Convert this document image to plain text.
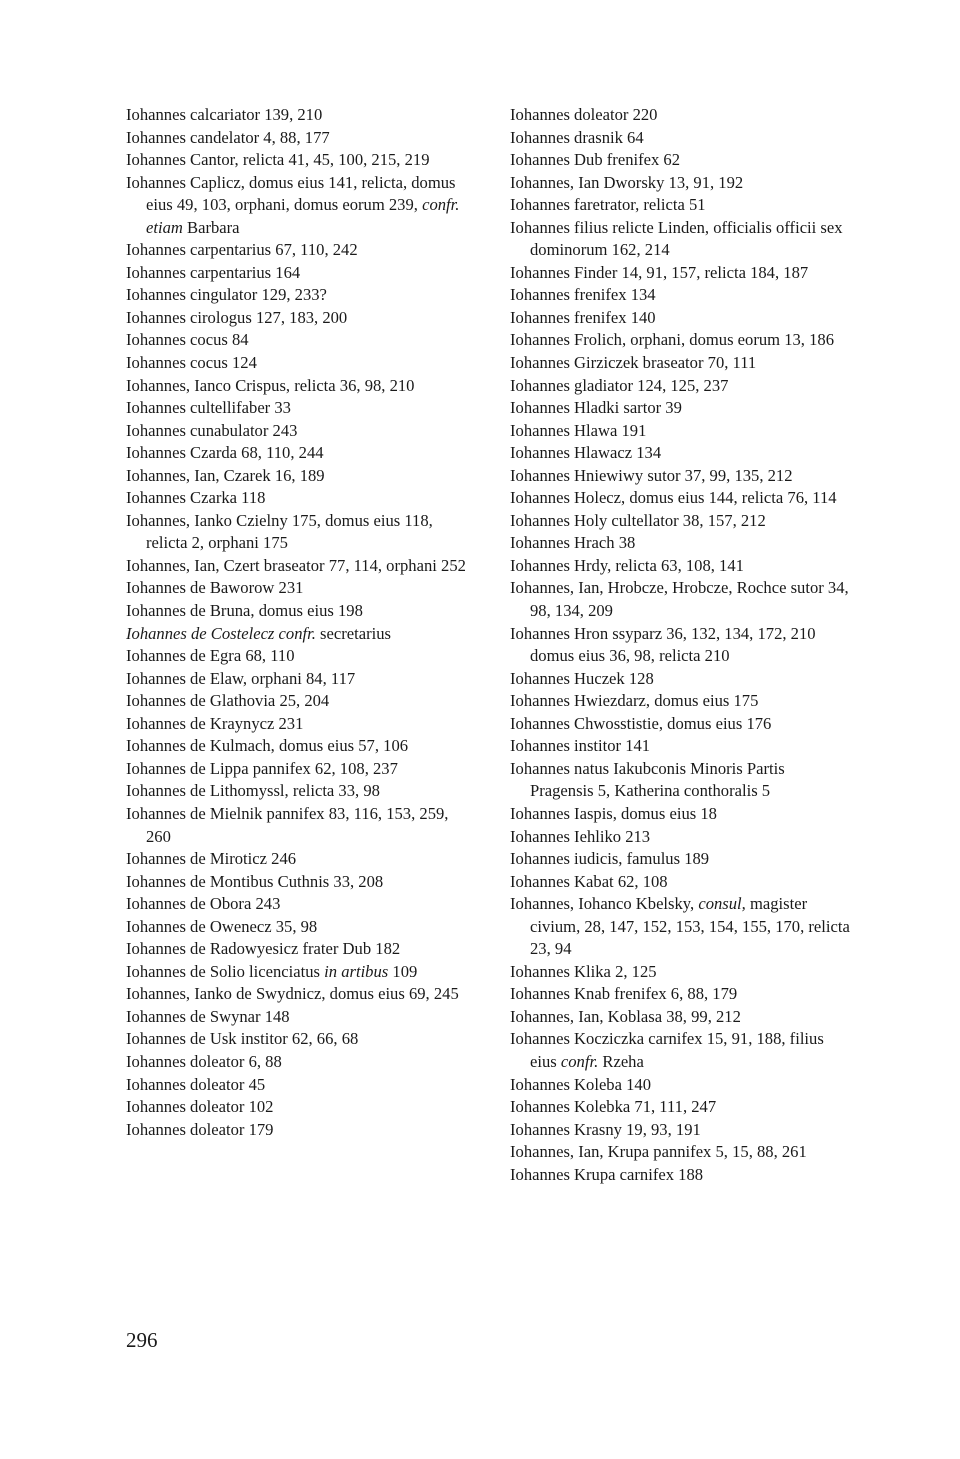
Iohannes calcariator 139, 210
Iohannes candelator 4, 88, 177
Iohannes Cantor, relicta 41, 45, 100, 215, 219
Iohannes Caplicz, domus eius 141, relicta, domus eius 49, 103, orphani, domus eorum 239, confr. etiam Barbara
Iohannes carpentarius 67, 110, 242
Iohannes carpentarius 164
Iohannes cingulator 129, 233?
Iohannes cirologus 127, 183, 200
Iohannes cocus 84
Iohannes cocus 124
Iohannes, Ianco Crispus, relicta 36, 98, 210
Iohannes cultellifaber 33
Iohannes cunabulator 243
Iohannes Czarda 68, 110, 244
Iohannes, Ian, Czarek 16, 189
Iohannes Czarka 118
Iohannes, Ianko Czielny 175, domus eius 118, relicta 2, orphani 175
Iohannes, Ian, Czert braseator 77, 114, orphani 252
Iohannes de Baworow 231
Iohannes de Bruna, domus eius 198
Iohannes de Costelecz confr. secretarius
Iohannes de Egra 68, 110
Iohannes de Elaw, orphani 84, 117
Iohannes de Glathovia 25, 204
Iohannes de Kraynycz 231
Iohannes de Kulmach, domus eius 57, 106
Iohannes de Lippa pannifex 62, 108, 237
Iohannes de Lithomyssl, relicta 33, 98
Iohannes de Mielnik pannifex 83, 116, 153, 259, 260
Iohannes de Miroticz 246
Iohannes de Montibus Cuthnis 33, 208
Iohannes de Obora 243
Iohannes de Owenecz 35, 98
Iohannes de Radowyesicz frater Dub 182
Iohannes de Solio licenciatus in artibus 109
Iohannes, Ianko de Swydnicz, domus eius 69, 245
Iohannes de Swynar 148
Iohannes de Usk institor 62, 66, 68
Iohannes doleator 6, 88
Iohannes doleator 45
Iohannes doleator 102
Iohannes doleator 179
Iohannes doleator 220
Iohannes drasnik 64
Iohannes Dub frenifex 62
Iohannes, Ian Dworsky 13, 91, 192
Iohannes faretrator, relicta 51
Iohannes filius relicte Linden, officialis officii sex dominorum 162, 214
Iohannes Finder 14, 91, 157, relicta 184, 187
Iohannes frenifex 134
Iohannes frenifex 140
Iohannes Frolich, orphani, domus eorum 13, 186
Iohannes Girziczek braseator 70, 111
Iohannes gladiator 124, 125, 237
Iohannes Hladki sartor 39
Iohannes Hlawa 191
Iohannes Hlawacz 134
Iohannes Hniewiwy sutor 37, 99, 135, 212
Iohannes Holecz, domus eius 144, relicta 76, 114
Iohannes Holy cultellator 38, 157, 212
Iohannes Hrach 38
Iohannes Hrdy, relicta 63, 108, 141
Iohannes, Ian, Hrobcze, Hrobcze, Rochce sutor 34, 98, 134, 209
Iohannes Hron ssyparz 36, 132, 134, 172, 210 domus eius 36, 98, relicta 210
Iohannes Huczek 128
Iohannes Hwiezdarz, domus eius 175
Iohannes Chwosstistie, domus eius 176
Iohannes institor 141
Iohannes natus Iakubconis Minoris Partis Pragensis 5, Katherina conthoralis 5
Iohannes Iaspis, domus eius 18
Iohannes Iehliko 213
Iohannes iudicis, famulus 189
Iohannes Kabat 62, 108
Iohannes, Iohanco Kbelsky, consul, magister civium, 28, 147, 152, 153, 154, 155, 170, relicta 23, 94
Iohannes Klika 2, 125
Iohannes Knab frenifex 6, 88, 179
Iohannes, Ian, Koblasa 38, 99, 212
Iohannes Kocziczka carnifex 15, 91, 188, filius eius confr. Rzeha
Iohannes Koleba 140
Iohannes Kolebka 71, 111, 247
Iohannes Krasny 19, 93, 191
Iohannes, Ian, Krupa pannifex 5, 15, 88, 261
Iohannes Krupa carnifex 188
296
